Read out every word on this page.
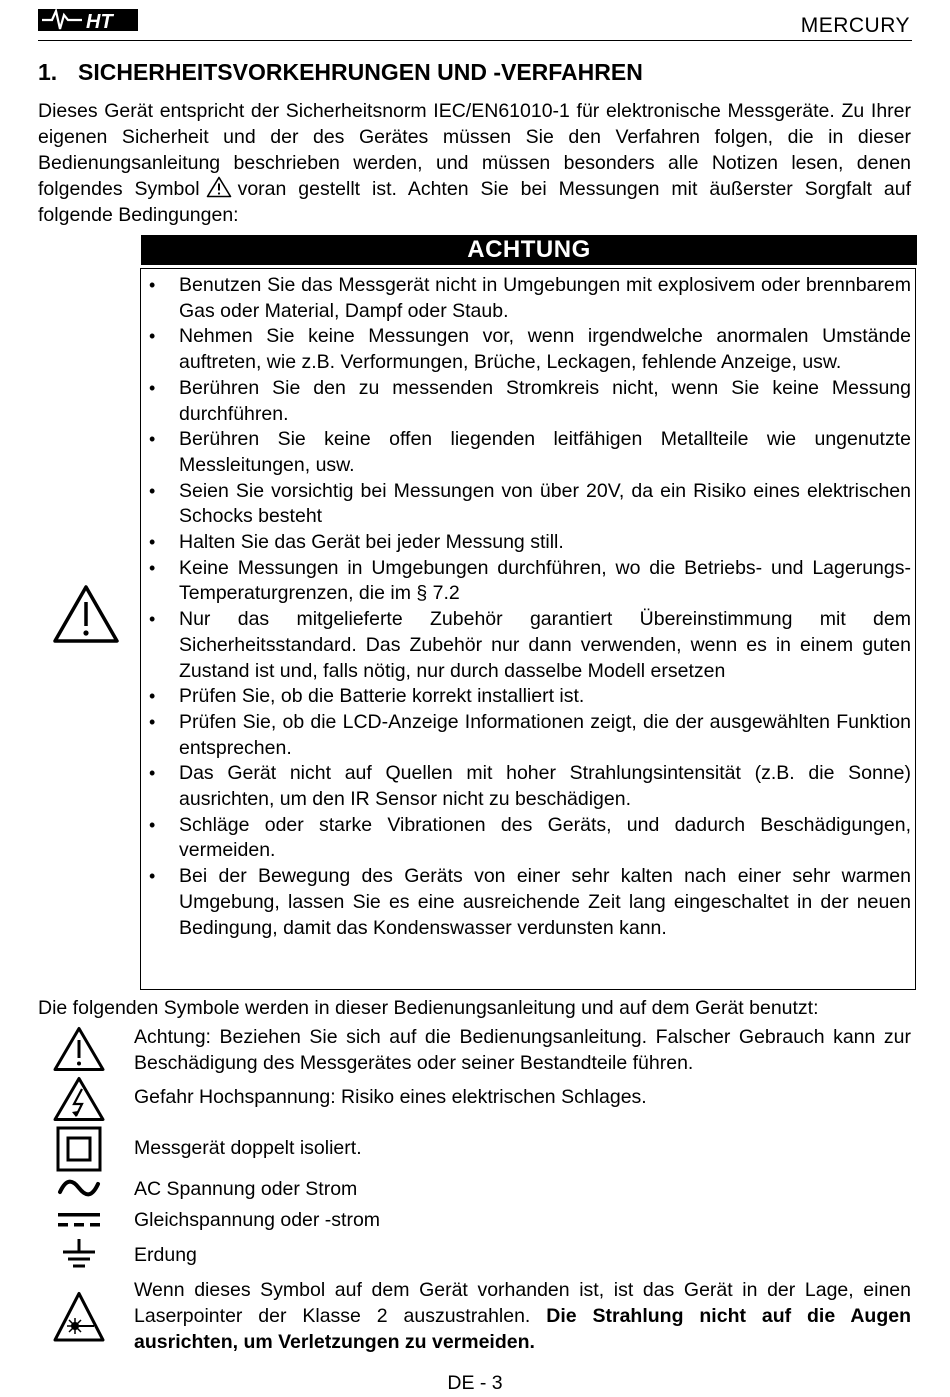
HT	MERCURY
1. SICHERHEITSVORKEHRUNGEN UND -VERFAHREN

Dieses Gerät entspricht der Sicherheitsnorm IEC/EN61010-1 für elektronische Messgeräte. Zu Ihrer eigenen Sicherheit und der des Gerätes müssen Sie den Verfahren folgen, die in dieser Bedienungsanleitung beschrieben werden, und müssen besonders alle Notizen lesen, denen folgendes Symbol voran gestellt ist. Achten Sie bei Messungen mit äußerster Sorgfalt auf folgende Bedingungen:

ACHTUNG
• Benutzen Sie das Messgerät nicht in Umgebungen mit explosivem oder brennbarem Gas oder Material, Dampf oder Staub.
• Nehmen Sie keine Messungen vor, wenn irgendwelche anormalen Umstände auftreten, wie z.B. Verformungen, Brüche, Leckagen, fehlende Anzeige, usw.
• Berühren Sie den zu messenden Stromkreis nicht, wenn Sie keine Messung durchführen.
• Berühren Sie keine offen liegenden leitfähigen Metallteile wie ungenutzte Messleitungen, usw.
• Seien Sie vorsichtig bei Messungen von über 20V, da ein Risiko eines elektrischen Schocks besteht
• Halten Sie das Gerät bei jeder Messung still.
• Keine Messungen in Umgebungen durchführen, wo die Betriebs- und Lagerungs-Temperaturgrenzen, die im § 7.2
• Nur das mitgelieferte Zubehör garantiert Übereinstimmung mit dem Sicherheitsstandard. Das Zubehör nur dann verwenden, wenn es in einem guten Zustand ist und, falls nötig, nur durch dasselbe Modell ersetzen
• Prüfen Sie, ob die Batterie korrekt installiert ist.
• Prüfen Sie, ob die LCD-Anzeige Informationen zeigt, die der ausgewählten Funktion entsprechen.
• Das Gerät nicht auf Quellen mit hoher Strahlungsintensität (z.B. die Sonne) ausrichten, um den IR Sensor nicht zu beschädigen.
• Schläge oder starke Vibrationen des Geräts, und dadurch Beschädigungen, vermeiden.
• Bei der Bewegung des Geräts von einer sehr kalten nach einer sehr warmen Umgebung, lassen Sie es eine ausreichende Zeit lang eingeschaltet in der neuen Bedingung, damit das Kondenswasser verdunsten kann.

Die folgenden Symbole werden in dieser Bedienungsanleitung und auf dem Gerät benutzt:

Achtung: Beziehen Sie sich auf die Bedienungsanleitung. Falscher Gebrauch kann zur Beschädigung des Messgerätes oder seiner Bestandteile führen.

Gefahr Hochspannung: Risiko eines elektrischen Schlages.

Messgerät doppelt isoliert.

AC Spannung oder Strom

Gleichspannung oder -strom

Erdung

Wenn dieses Symbol auf dem Gerät vorhanden ist, ist das Gerät in der Lage, einen Laserpointer der Klasse 2 auszustrahlen. Die Strahlung nicht auf die Augen ausrichten, um Verletzungen zu vermeiden.

DE - 3
